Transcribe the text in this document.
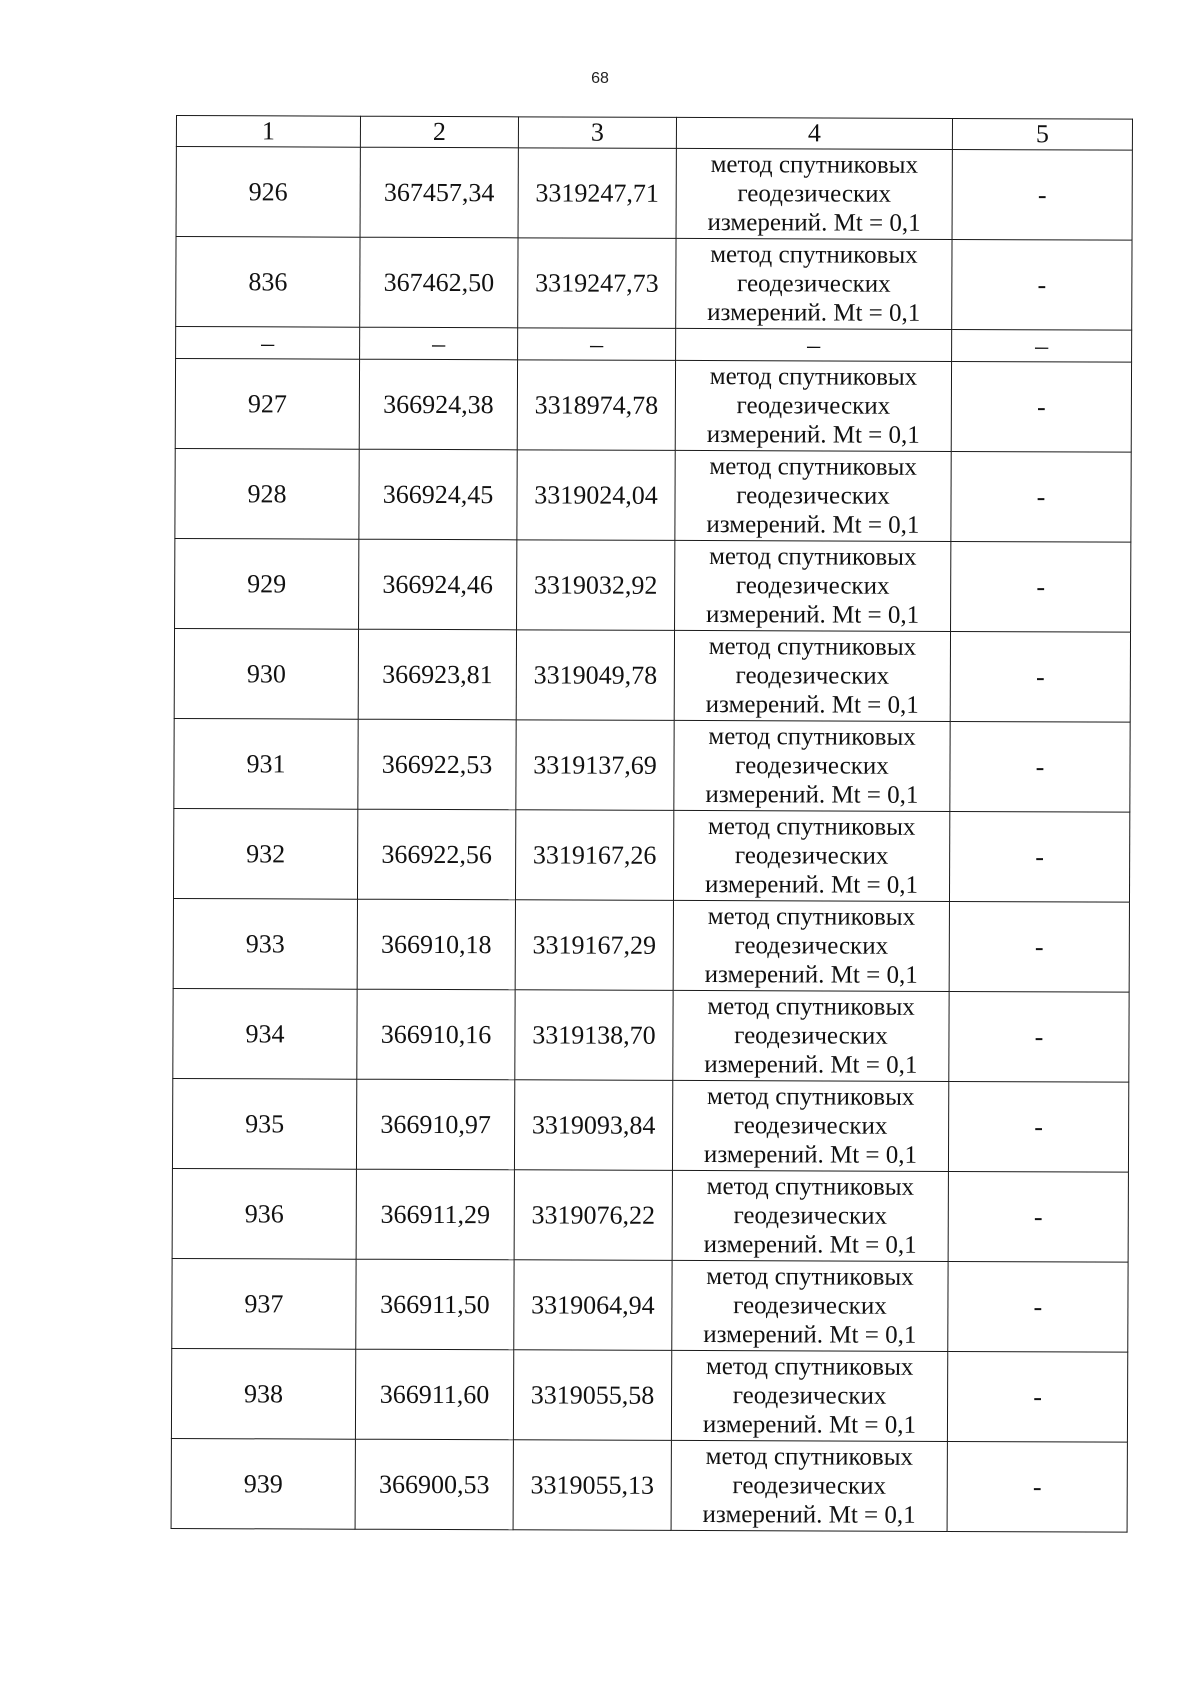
68
1	2	3	4	5
926	367457,34	3319247,71	метод спутниковых геодезических измерений. Mt = 0,1	-
836	367462,50	3319247,73	метод спутниковых геодезических измерений. Mt = 0,1	-
–	–	–	–	–
927	366924,38	3318974,78	метод спутниковых геодезических измерений. Mt = 0,1	-
928	366924,45	3319024,04	метод спутниковых геодезических измерений. Mt = 0,1	-
929	366924,46	3319032,92	метод спутниковых геодезических измерений. Mt = 0,1	-
930	366923,81	3319049,78	метод спутниковых геодезических измерений. Mt = 0,1	-
931	366922,53	3319137,69	метод спутниковых геодезических измерений. Mt = 0,1	-
932	366922,56	3319167,26	метод спутниковых геодезических измерений. Mt = 0,1	-
933	366910,18	3319167,29	метод спутниковых геодезических измерений. Mt = 0,1	-
934	366910,16	3319138,70	метод спутниковых геодезических измерений. Mt = 0,1	-
935	366910,97	3319093,84	метод спутниковых геодезических измерений. Mt = 0,1	-
936	366911,29	3319076,22	метод спутниковых геодезических измерений. Mt = 0,1	-
937	366911,50	3319064,94	метод спутниковых геодезических измерений. Mt = 0,1	-
938	366911,60	3319055,58	метод спутниковых геодезических измерений. Mt = 0,1	-
939	366900,53	3319055,13	метод спутниковых геодезических измерений. Mt = 0,1	-
